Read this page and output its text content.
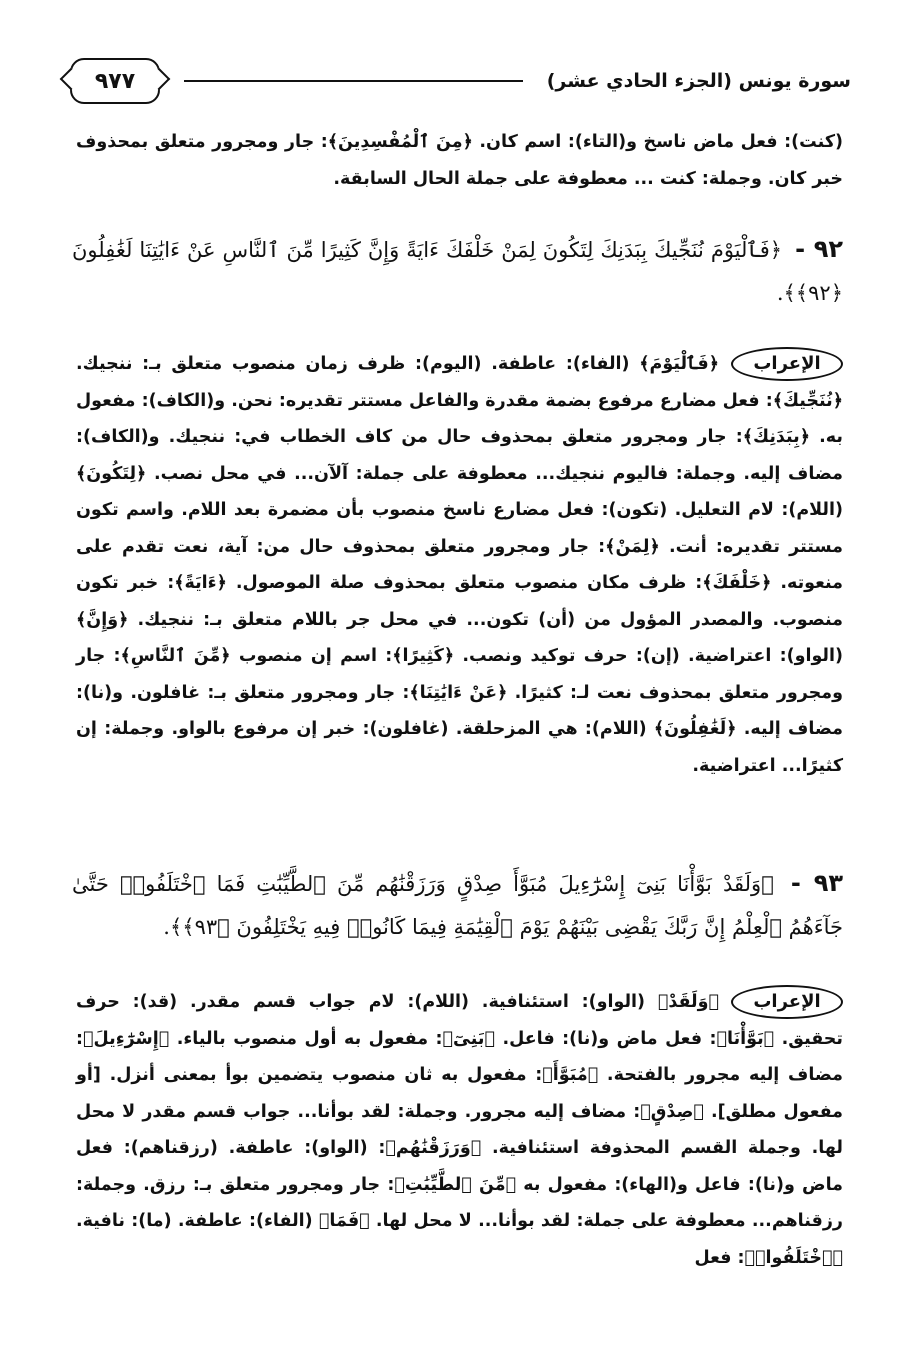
سورة يونس (الجزء الحادي عشر)
٩٧٧
(كنت): فعل ماض ناسخ و(التاء): اسم كان. ﴿مِنَ ٱلْمُفْسِدِينَ﴾: جار ومجرور متعلق بمحذوف خبر كان. وجملة: كنت ... معطوفة على جملة الحال السابقة.
٩٢ - ﴿فَٱلْيَوْمَ نُنَجِّيكَ بِبَدَنِكَ لِتَكُونَ لِمَنْ خَلْفَكَ ءَايَةً وَإِنَّ كَثِيرًا مِّنَ ٱلنَّاسِ عَنْ ءَايَٰتِنَا لَغَٰفِلُونَ ﴿٩٢﴾﴾.
الإعراب
﴿فَٱلْيَوْمَ﴾ (الفاء): عاطفة. (اليوم): ظرف زمان منصوب متعلق بـ: ننجيك. ﴿نُنَجِّيكَ﴾: فعل مضارع مرفوع بضمة مقدرة والفاعل مستتر تقديره: نحن. و(الكاف): مفعول به. ﴿بِبَدَنِكَ﴾: جار ومجرور متعلق بمحذوف حال من كاف الخطاب في: ننجيك. و(الكاف): مضاف إليه. وجملة: فاليوم ننجيك... معطوفة على جملة: آلآن... في محل نصب. ﴿لِتَكُونَ﴾ (اللام): لام التعليل. (تكون): فعل مضارع ناسخ منصوب بأن مضمرة بعد اللام. واسم تكون مستتر تقديره: أنت. ﴿لِمَنْ﴾: جار ومجرور متعلق بمحذوف حال من: آية، نعت تقدم على منعوته. ﴿خَلْفَكَ﴾: ظرف مكان منصوب متعلق بمحذوف صلة الموصول. ﴿ءَايَةً﴾: خبر تكون منصوب. والمصدر المؤول من (أن) تكون... في محل جر باللام متعلق بـ: ننجيك. ﴿وَإِنَّ﴾ (الواو): اعتراضية. (إن): حرف توكيد ونصب. ﴿كَثِيرًا﴾: اسم إن منصوب ﴿مِّنَ ٱلنَّاسِ﴾: جار ومجرور متعلق بمحذوف نعت لـ: كثيرًا. ﴿عَنْ ءَايَٰتِنَا﴾: جار ومجرور متعلق بـ: غافلون. و(نا): مضاف إليه. ﴿لَغَٰفِلُونَ﴾ (اللام): هي المزحلقة. (غافلون): خبر إن مرفوع بالواو. وجملة: إن كثيرًا... اعتراضية.
٩٣ - ﴿وَلَقَدْ بَوَّأْنَا بَنِىٓ إِسْرَٰٓءِيلَ مُبَوَّأَ صِدْقٍ وَرَزَقْنَٰهُم مِّنَ ٱلطَّيِّبَٰتِ فَمَا ٱخْتَلَفُوا۟ حَتَّىٰ جَآءَهُمُ ٱلْعِلْمُ إِنَّ رَبَّكَ يَقْضِى بَيْنَهُمْ يَوْمَ ٱلْقِيَٰمَةِ فِيمَا كَانُوا۟ فِيهِ يَخْتَلِفُونَ ﴿٩٣﴾﴾.
الإعراب
﴿وَلَقَدْ﴾ (الواو): استئنافية. (اللام): لام جواب قسم مقدر. (قد): حرف تحقيق. ﴿بَوَّأْنَا﴾: فعل ماض و(نا): فاعل. ﴿بَنِىٓ﴾: مفعول به أول منصوب بالياء. ﴿إِسْرَٰٓءِيلَ﴾: مضاف إليه مجرور بالفتحة. ﴿مُبَوَّأَ﴾: مفعول به ثان منصوب يتضمين بوأ بمعنى أنزل. [أو مفعول مطلق]. ﴿صِدْقٍ﴾: مضاف إليه مجرور. وجملة: لقد بوأنا... جواب قسم مقدر لا محل لها. وجملة القسم المحذوفة استئنافية. ﴿وَرَزَقْنَٰهُم﴾: (الواو): عاطفة. (رزقناهم): فعل ماض و(نا): فاعل و(الهاء): مفعول به ﴿مِّنَ ٱلطَّيِّبَٰتِ﴾: جار ومجرور متعلق بـ: رزق. وجملة: رزقناهم... معطوفة على جملة: لقد بوأنا... لا محل لها. ﴿فَمَا﴾ (الفاء): عاطفة. (ما): نافية. ﴿ٱخْتَلَفُوا۟﴾: فعل
